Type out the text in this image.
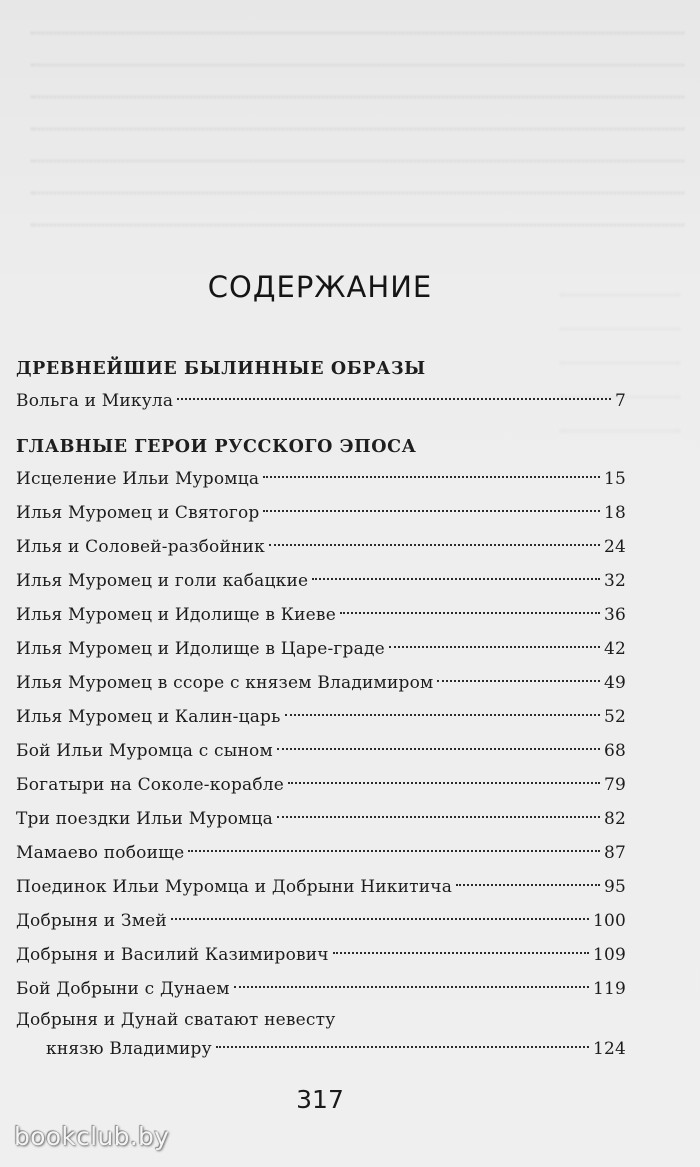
СОДЕРЖАНИЕ
ДРЕВНЕЙШИЕ БЫЛИННЫЕ ОБРАЗЫ
Вольга и Микула	7
ГЛАВНЫЕ ГЕРОИ РУССКОГО ЭПОСА
Исцеление Ильи Муромца	15
Илья Муромец и Святогор	18
Илья и Соловей-разбойник	24
Илья Муромец и голи кабацкие	32
Илья Муромец и Идолище в Киеве	36
Илья Муромец и Идолище в Царе-граде	42
Илья Муромец в ссоре с князем Владимиром	49
Илья Муромец и Калин-царь	52
Бой Ильи Муромца с сыном	68
Богатыри на Соколе-корабле	79
Три поездки Ильи Муромца	82
Мамаево побоище	87
Поединок Ильи Муромца и Добрыни Никитича	95
Добрыня и Змей	100
Добрыня и Василий Казимирович	109
Бой Добрыни с Дунаем	119
Добрыня и Дунай сватают невесту
князю Владимиру	124
317
bookclub.by
